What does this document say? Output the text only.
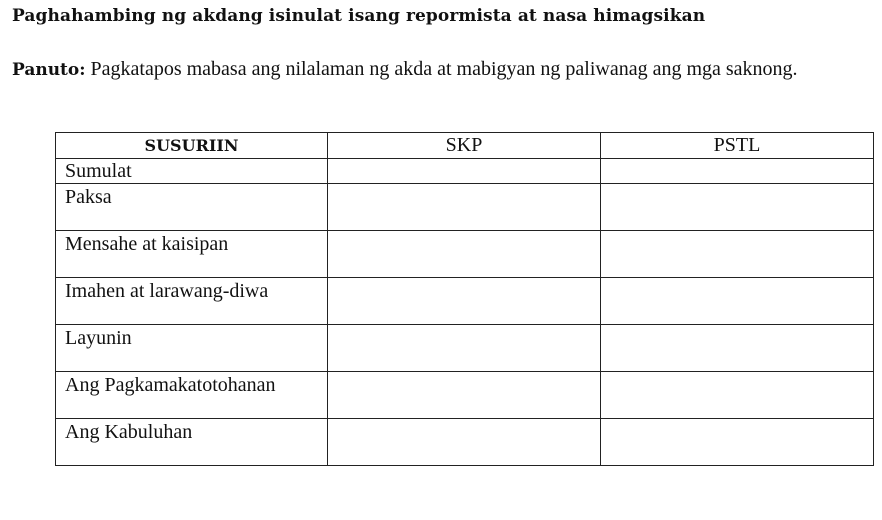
Paghahambing ng akdang isinulat isang repormista at nasa himagsikan
Panuto: Pagkatapos mabasa ang nilalaman ng akda at mabigyan ng paliwanag ang mga saknong.
SUSURIIN	SKP	PSTL
Sumulat		
Paksa		
Mensahe at kaisipan		
Imahen at larawang-diwa		
Layunin		
Ang Pagkamakatotohanan		
Ang Kabuluhan		
